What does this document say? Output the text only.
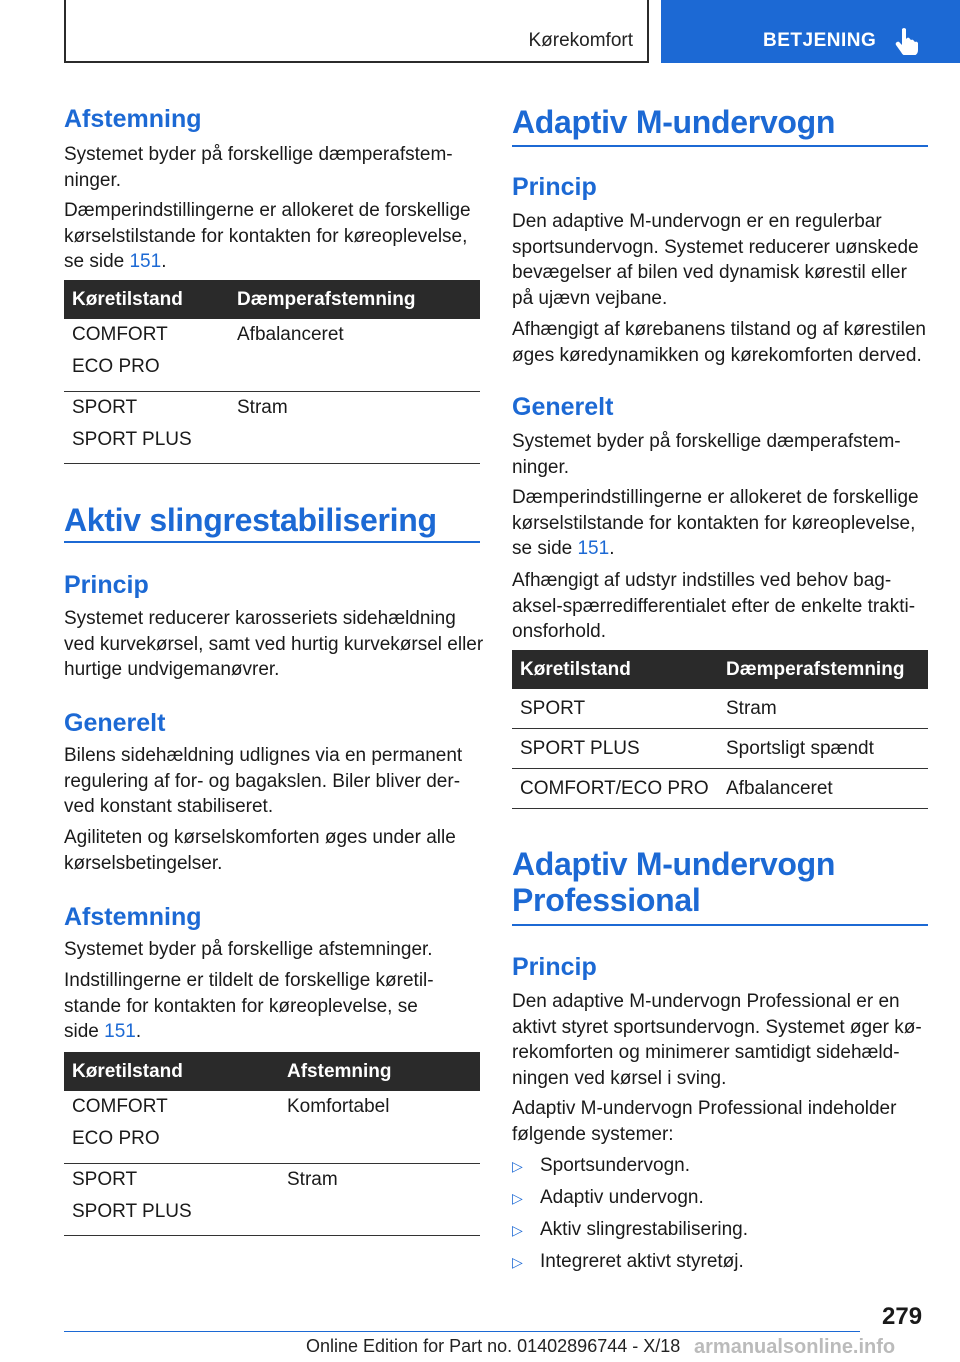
Kørekomfort	BETJENING
Afstemning
Systemet byder på forskellige dæmperafstem-
ninger.
Dæmperindstillingerne er allokeret de forskellige
kørselstilstande for kontakten for køreoplevelse,
se side 151.
Køretilstand	Dæmperafstemning

COMFORT
ECO PRO	Afbalanceret

SPORT
SPORT PLUS	Stram
Aktiv slingrestabilisering
Princip
Systemet reducerer karosseriets sidehældning
ved kurvekørsel, samt ved hurtig kurvekørsel eller
hurtige undvigemanøvrer.
Generelt
Bilens sidehældning udlignes via en permanent
regulering af for- og bagakslen. Biler bliver der-
ved konstant stabiliseret.
Agiliteten og kørselskomforten øges under alle
kørselsbetingelser.
Afstemning
Systemet byder på forskellige afstemninger.
Indstillingerne er tildelt de forskellige køretil-
stande for kontakten for køreoplevelse, se
side 151.
Køretilstand	Afstemning

COMFORT
ECO PRO	Komfortabel

SPORT
SPORT PLUS	Stram
Adaptiv M-undervogn
Princip
Den adaptive M-undervogn er en regulerbar
sportsundervogn. Systemet reducerer uønskede
bevægelser af bilen ved dynamisk kørestil eller
på ujævn vejbane.
Afhængigt af kørebanens tilstand og af kørestilen
øges køredynamikken og kørekomforten derved.
Generelt
Systemet byder på forskellige dæmperafstem-
ninger.
Dæmperindstillingerne er allokeret de forskellige
kørselstilstande for kontakten for køreoplevelse,
se side 151.
Afhængigt af udstyr indstilles ved behov bag-
aksel-spærredifferentialet efter de enkelte trakti-
onsforhold.
Køretilstand	Dæmperafstemning
SPORT	Stram
SPORT PLUS	Sportsligt spændt
COMFORT/ECO PRO	Afbalanceret
Adaptiv M-undervogn
Professional
Princip
Den adaptive M-undervogn Professional er en
aktivt styret sportsundervogn. Systemet øger kø-
rekomforten og minimerer samtidigt sidehæld-
ningen ved kørsel i sving.
Adaptiv M-undervogn Professional indeholder
følgende systemer:
▷ Sportsundervogn.
▷ Adaptiv undervogn.
▷ Aktiv slingrestabilisering.
▷ Integreret aktivt styretøj.
279
Online Edition for Part no. 01402896744 - X/18 armanualsonline.info
